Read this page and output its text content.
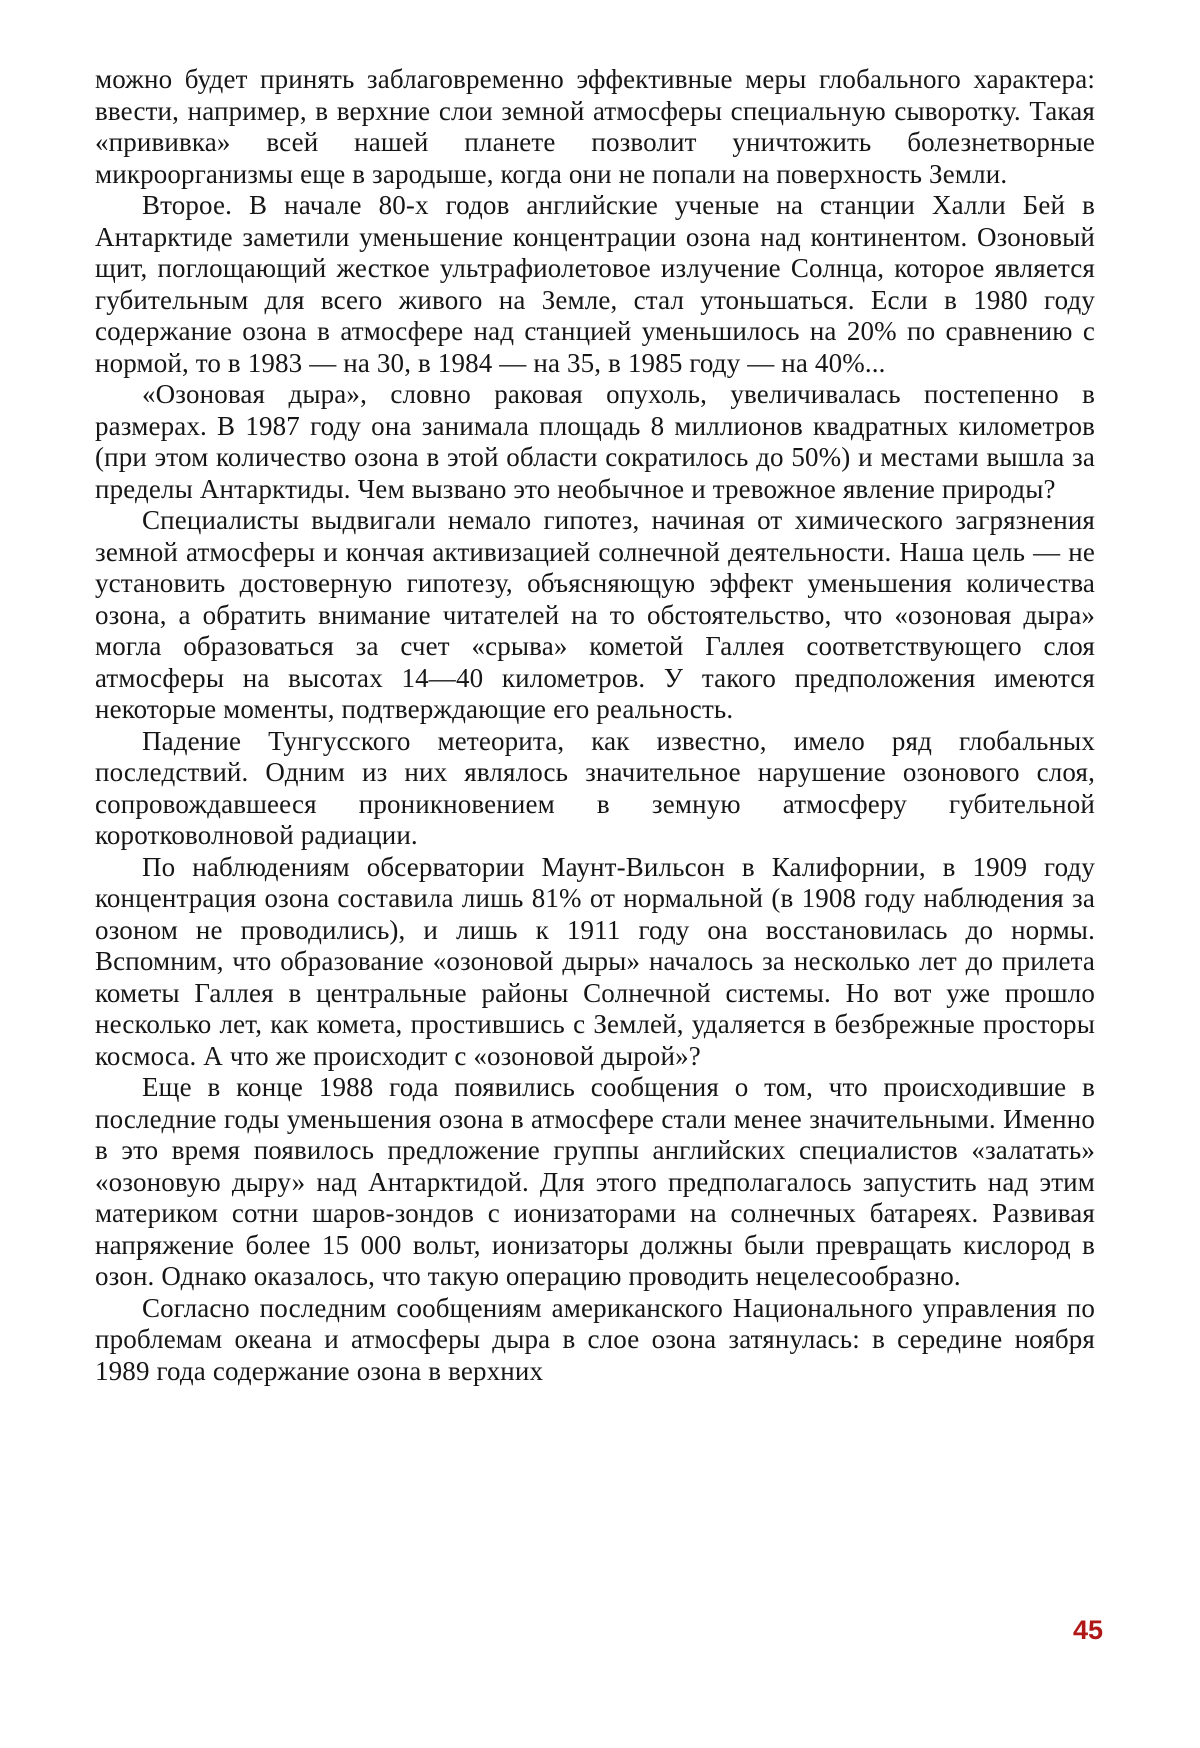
можно будет принять заблаговременно эффективные меры глобального характера: ввести, например, в верхние слои земной атмосферы специальную сыворотку. Такая «прививка» всей нашей планете позволит уничтожить болезнетворные микроорганизмы еще в зародыше, когда они не попали на поверхность Земли.

Второе. В начале 80-х годов английские ученые на станции Халли Бей в Антарктиде заметили уменьшение концентрации озона над континентом. Озоновый щит, поглощающий жесткое ультрафиолетовое излучение Солнца, которое является губительным для всего живого на Земле, стал утоньшаться. Если в 1980 году содержание озона в атмосфере над станцией уменьшилось на 20% по сравнению с нормой, то в 1983 — на 30, в 1984 — на 35, в 1985 году — на 40%...

«Озоновая дыра», словно раковая опухоль, увеличивалась постепенно в размерах. В 1987 году она занимала площадь 8 миллионов квадратных километров (при этом количество озона в этой области сократилось до 50%) и местами вышла за пределы Антарктиды. Чем вызвано это необычное и тревожное явление природы?

Специалисты выдвигали немало гипотез, начиная от химического загрязнения земной атмосферы и кончая активизацией солнечной деятельности. Наша цель — не установить достоверную гипотезу, объясняющую эффект уменьшения количества озона, а обратить внимание читателей на то обстоятельство, что «озоновая дыра» могла образоваться за счет «срыва» кометой Галлея соответствующего слоя атмосферы на высотах 14—40 километров. У такого предположения имеются некоторые моменты, подтверждающие его реальность.

Падение Тунгусского метеорита, как известно, имело ряд глобальных последствий. Одним из них являлось значительное нарушение озонового слоя, сопровождавшееся проникновением в земную атмосферу губительной коротковолновой радиации.

По наблюдениям обсерватории Маунт-Вильсон в Калифорнии, в 1909 году концентрация озона составила лишь 81% от нормальной (в 1908 году наблюдения за озоном не проводились), и лишь к 1911 году она восстановилась до нормы. Вспомним, что образование «озоновой дыры» началось за несколько лет до прилета кометы Галлея в центральные районы Солнечной системы. Но вот уже прошло несколько лет, как комета, простившись с Землей, удаляется в безбрежные просторы космоса. А что же происходит с «озоновой дырой»?

Еще в конце 1988 года появились сообщения о том, что происходившие в последние годы уменьшения озона в атмосфере стали менее значительными. Именно в это время появилось предложение группы английских специалистов «залатать» «озоновую дыру» над Антарктидой. Для этого предполагалось запустить над этим материком сотни шаров-зондов с ионизаторами на солнечных батареях. Развивая напряжение более 15 000 вольт, ионизаторы должны были превращать кислород в озон. Однако оказалось, что такую операцию проводить нецелесообразно.

Согласно последним сообщениям американского Национального управления по проблемам океана и атмосферы дыра в слое озона затянулась: в середине ноября 1989 года содержание озона в верхних

45
